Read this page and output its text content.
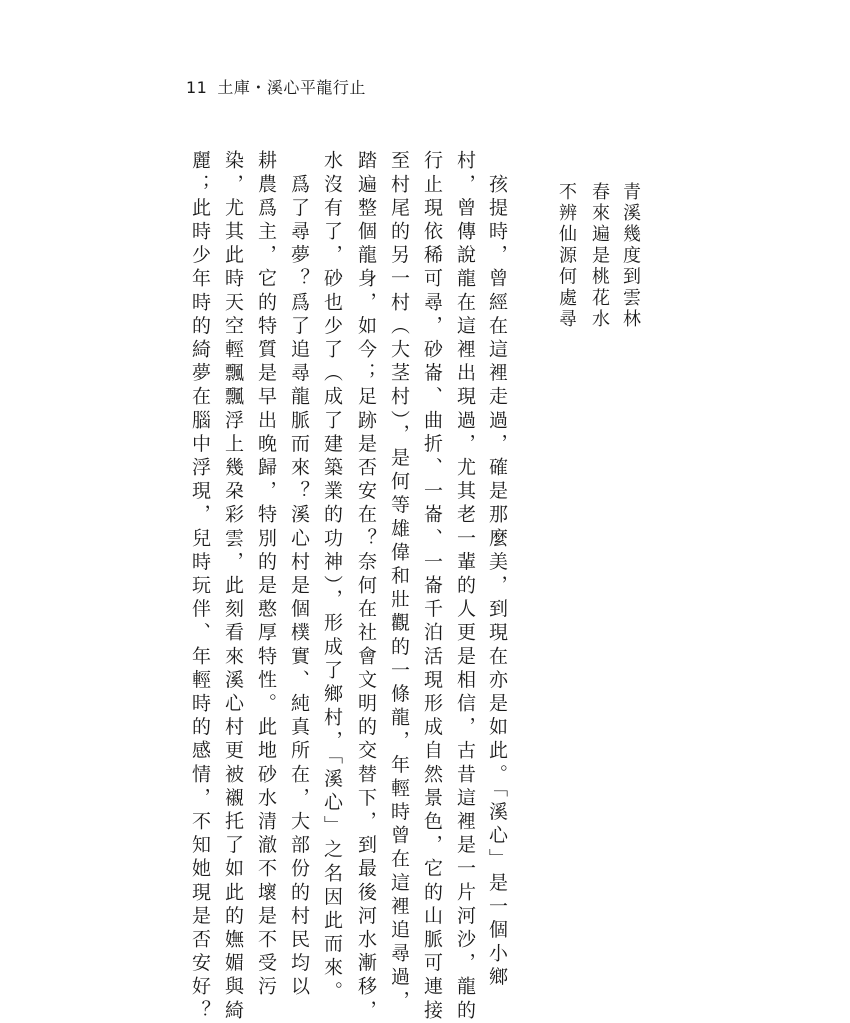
11 土庫・溪心平龍行止
青溪幾度到雲林
春來遍是桃花水
不辨仙源何處尋
　孩提時，曾經在這裡走過，確是那麼美，到現在亦是如此。「溪心」是一個小鄉
村，曾傳說龍在這裡出現過，尤其老一輩的人更是相信，古昔這裡是一片河沙，龍的
行止現依稀可尋，砂崙、曲折、一崙、一崙千泊活現形成自然景色，它的山脈可連接
至村尾的另一村（大茎村），是何等雄偉和壯觀的一條龍，年輕時曾在這裡追尋過，
踏遍整個龍身，如今；足跡是否安在？奈何在社會文明的交替下，到最後河水漸移，
水沒有了，砂也少了（成了建築業的功神），形成了鄉村，「溪心」之名因此而來。
　爲了尋夢？爲了追尋龍脈而來？溪心村是個樸實、純真所在，大部份的村民均以
耕農爲主，它的特質是早出晚歸，特別的是憨厚特性。此地砂水清澈不壞是不受污
染，尤其此時天空輕飄飄浮上幾朶彩雲，此刻看來溪心村更被襯托了如此的嫵媚與綺
麗；此時少年時的綺夢在腦中浮現，兒時玩伴、年輕時的感情，不知她現是否安好？
